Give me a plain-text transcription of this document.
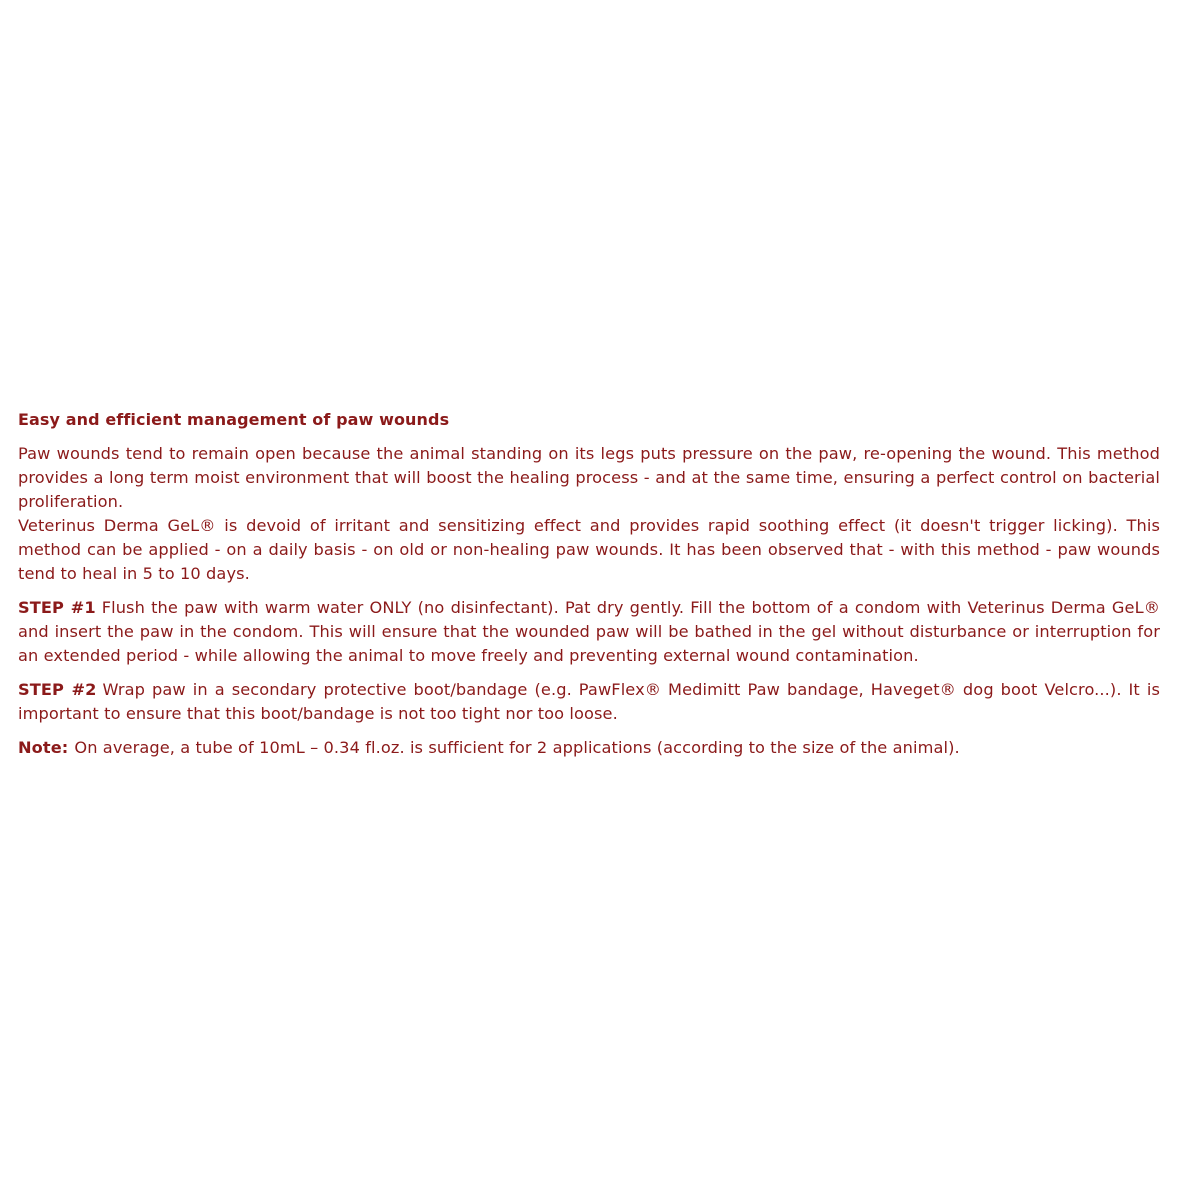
Easy and efficient management of paw wounds

Paw wounds tend to remain open because the animal standing on its legs puts pressure on the paw, re-opening the wound. This method provides a long term moist environment that will boost the healing process - and at the same time, ensuring a perfect control on bacterial proliferation.

Veterinus Derma GeL® is devoid of irritant and sensitizing effect and provides rapid soothing effect (it doesn't trigger licking). This method can be applied - on a daily basis - on old or non-healing paw wounds. It has been observed that - with this method - paw wounds tend to heal in 5 to 10 days.

STEP #1 Flush the paw with warm water ONLY (no disinfectant). Pat dry gently. Fill the bottom of a condom with Veterinus Derma GeL® and insert the paw in the condom. This will ensure that the wounded paw will be bathed in the gel without disturbance or interruption for an extended period - while allowing the animal to move freely and preventing external wound contamination.

STEP #2 Wrap paw in a secondary protective boot/bandage (e.g. PawFlex® Medimitt Paw bandage, Haveget® dog boot Velcro...). It is important to ensure that this boot/bandage is not too tight nor too loose.

Note: On average, a tube of 10mL – 0.34 fl.oz. is sufficient for 2 applications (according to the size of the animal).
